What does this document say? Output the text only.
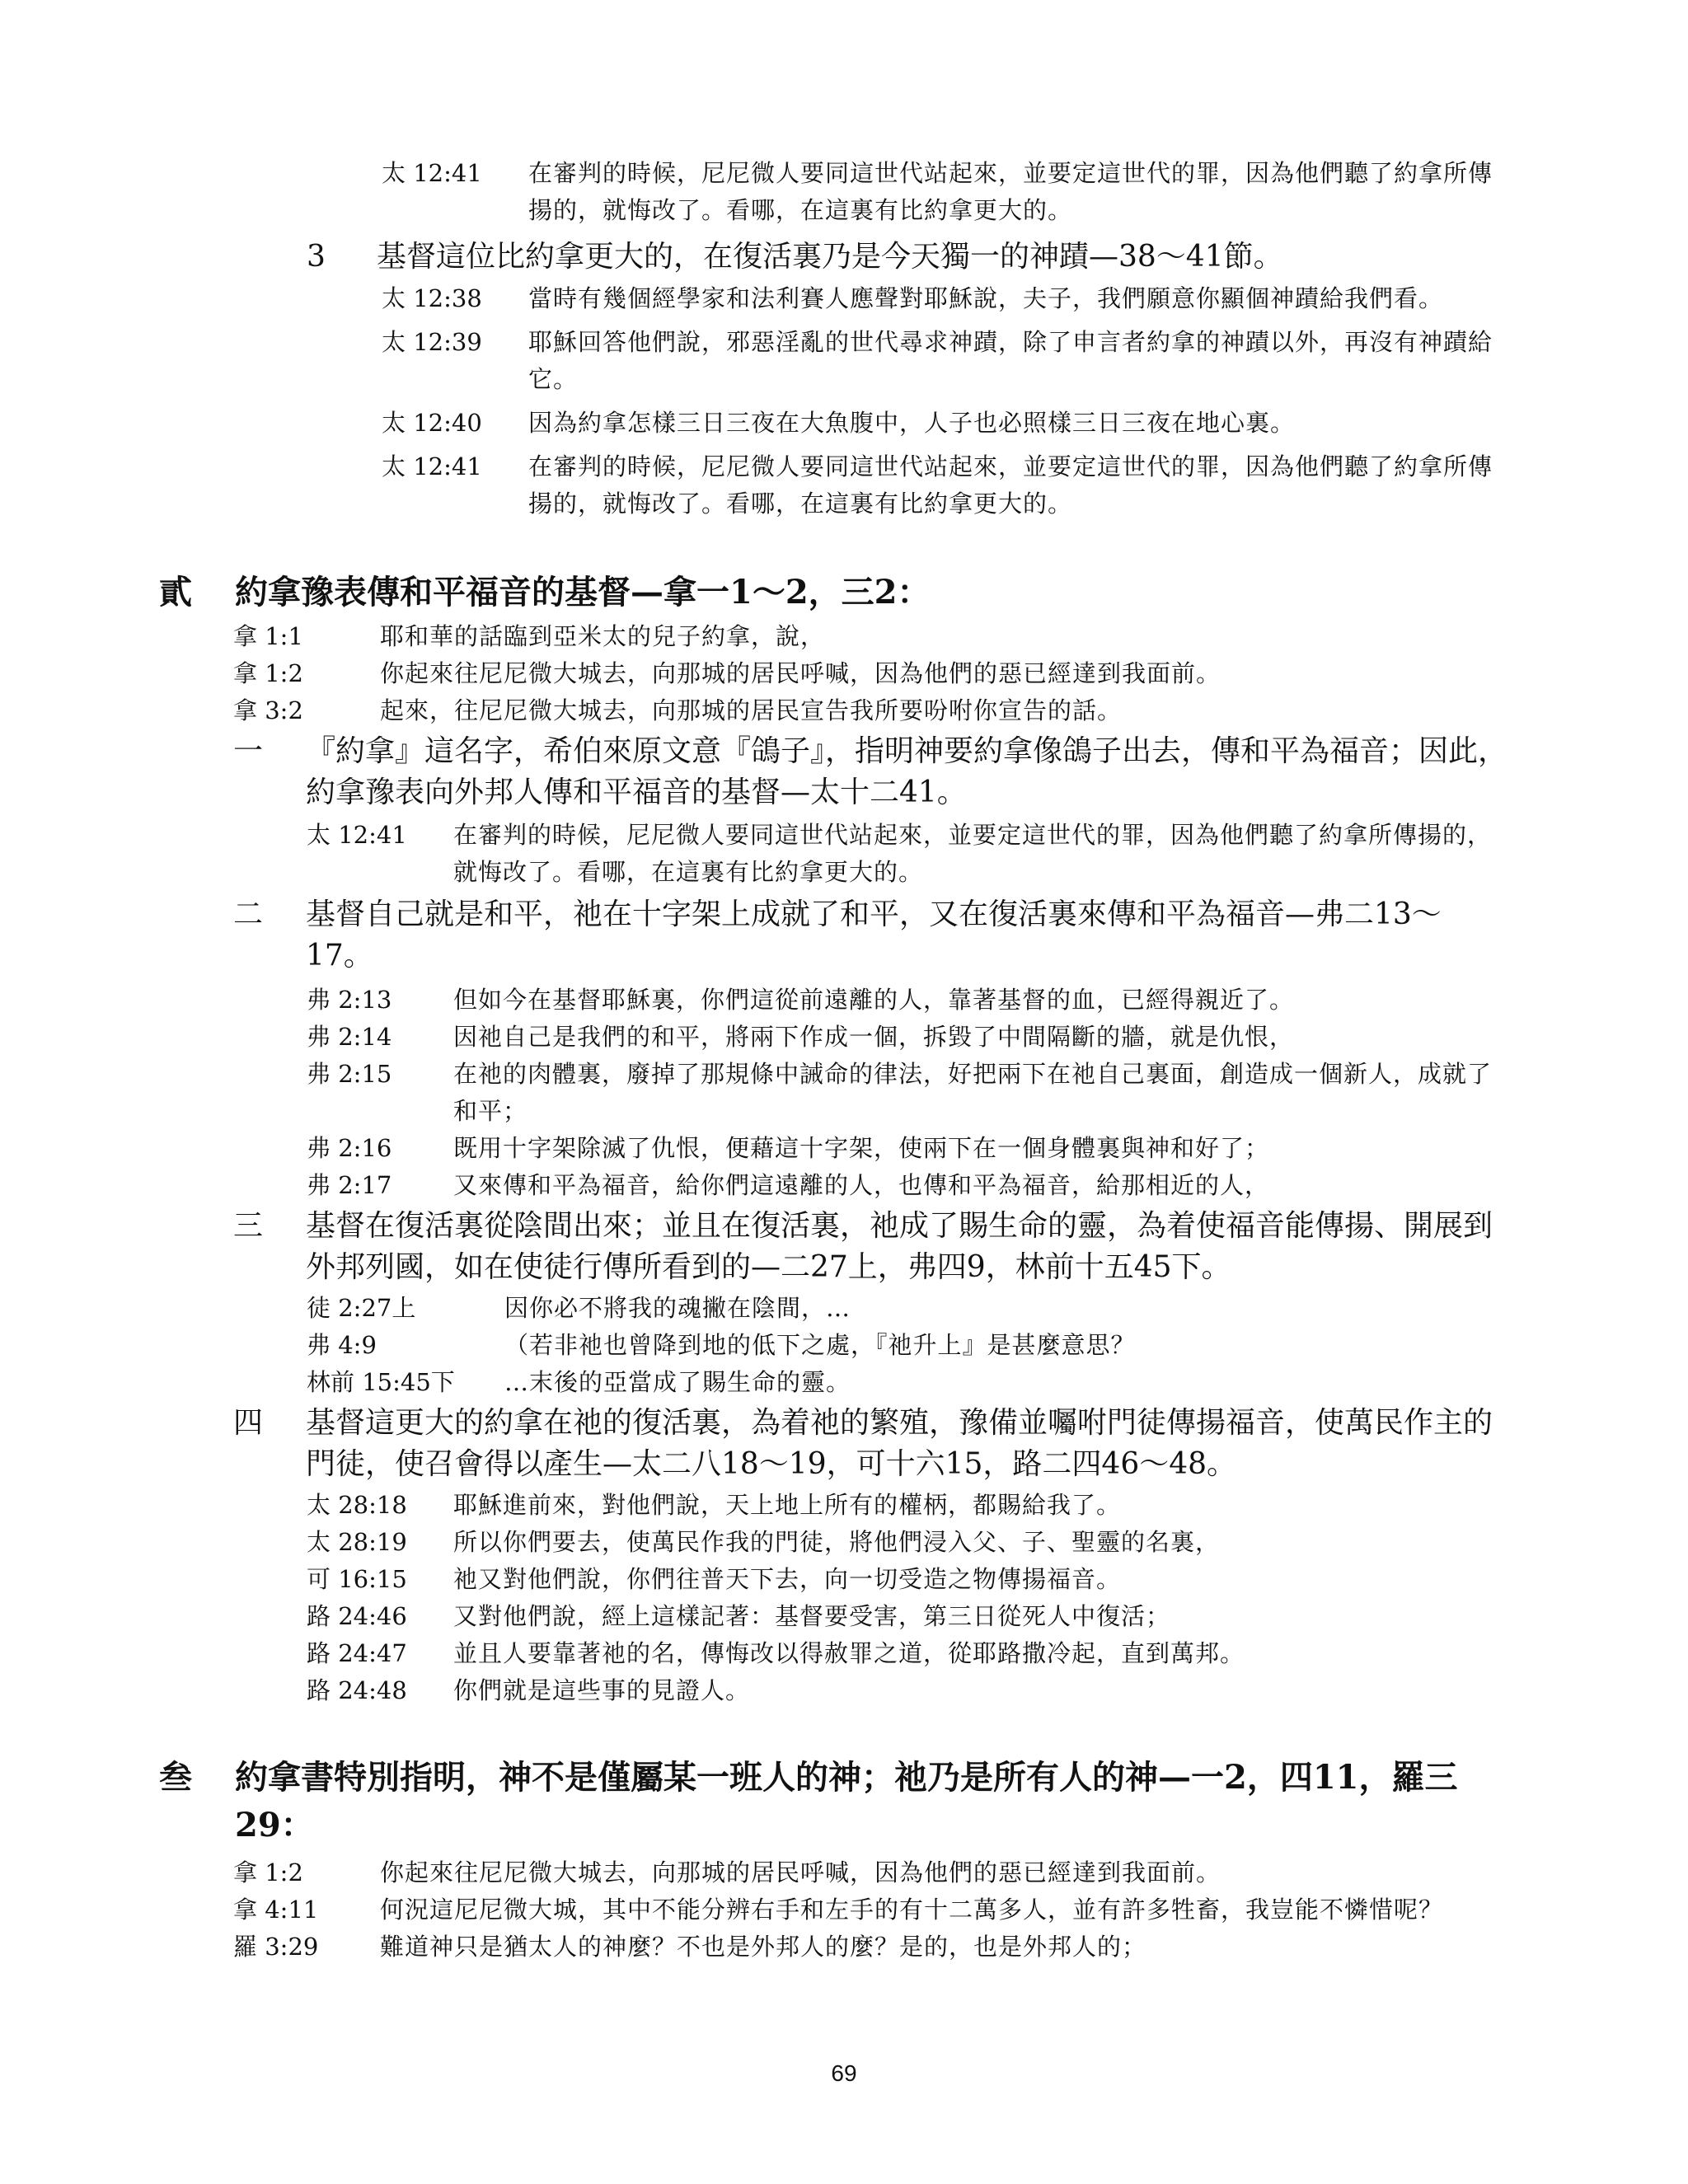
太 12:41	在審判的時候，尼尼微人要同這世代站起來，並要定這世代的罪，因為他們聽了約拿所傳揚的，就悔改了。看哪，在這裏有比約拿更大的。
3	基督這位比約拿更大的，在復活裏乃是今天獨一的神蹟—38～41節。
太 12:38	當時有幾個經學家和法利賽人應聲對耶穌說，夫子，我們願意你顯個神蹟給我們看。
太 12:39	耶穌回答他們說，邪惡淫亂的世代尋求神蹟，除了申言者約拿的神蹟以外，再沒有神蹟給它。
太 12:40	因為約拿怎樣三日三夜在大魚腹中，人子也必照樣三日三夜在地心裏。
太 12:41	在審判的時候，尼尼微人要同這世代站起來，並要定這世代的罪，因為他們聽了約拿所傳揚的，就悔改了。看哪，在這裏有比約拿更大的。
貳	約拿豫表傳和平福音的基督—拿一1～2，三2：
拿 1:1	耶和華的話臨到亞米太的兒子約拿，說，
拿 1:2	你起來往尼尼微大城去，向那城的居民呼喊，因為他們的惡已經達到我面前。
拿 3:2	起來，往尼尼微大城去，向那城的居民宣告我所要吩咐你宣告的話。
一	『約拿』這名字，希伯來原文意『鴿子』，指明神要約拿像鴿子出去，傳和平為福音；因此，約拿豫表向外邦人傳和平福音的基督—太十二41。
太 12:41	在審判的時候，尼尼微人要同這世代站起來，並要定這世代的罪，因為他們聽了約拿所傳揚的，就悔改了。看哪，在這裏有比約拿更大的。
二	基督自己就是和平，祂在十字架上成就了和平，又在復活裏來傳和平為福音—弗二13～17。
弗 2:13	但如今在基督耶穌裏，你們這從前遠離的人，靠著基督的血，已經得親近了。
弗 2:14	因祂自己是我們的和平，將兩下作成一個，拆毀了中間隔斷的牆，就是仇恨，
弗 2:15	在祂的肉體裏，廢掉了那規條中誡命的律法，好把兩下在祂自己裏面，創造成一個新人，成就了和平；
弗 2:16	既用十字架除滅了仇恨，便藉這十字架，使兩下在一個身體裏與神和好了；
弗 2:17	又來傳和平為福音，給你們這遠離的人，也傳和平為福音，給那相近的人，
三	基督在復活裏從陰間出來；並且在復活裏，祂成了賜生命的靈，為着使福音能傳揚、開展到外邦列國，如在使徒行傳所看到的—二27上，弗四9，林前十五45下。
徒 2:27上	因你必不將我的魂撇在陰間，…
弗 4:9	（若非祂也曾降到地的低下之處，『祂升上』是甚麼意思？
林前 15:45下	…末後的亞當成了賜生命的靈。
四	基督這更大的約拿在祂的復活裏，為着祂的繁殖，豫備並囑咐門徒傳揚福音，使萬民作主的門徒，使召會得以產生—太二八18～19，可十六15，路二四46～48。
太 28:18	耶穌進前來，對他們說，天上地上所有的權柄，都賜給我了。
太 28:19	所以你們要去，使萬民作我的門徒，將他們浸入父、子、聖靈的名裏，
可 16:15	祂又對他們說，你們往普天下去，向一切受造之物傳揚福音。
路 24:46	又對他們說，經上這樣記著：基督要受害，第三日從死人中復活；
路 24:47	並且人要靠著祂的名，傳悔改以得赦罪之道，從耶路撒冷起，直到萬邦。
路 24:48	你們就是這些事的見證人。
叁	約拿書特別指明，神不是僅屬某一班人的神；祂乃是所有人的神—一2，四11，羅三29：
拿 1:2	你起來往尼尼微大城去，向那城的居民呼喊，因為他們的惡已經達到我面前。
拿 4:11	何況這尼尼微大城，其中不能分辨右手和左手的有十二萬多人，並有許多牲畜，我豈能不憐惜呢？
羅 3:29	難道神只是猶太人的神麼？不也是外邦人的麼？是的，也是外邦人的；
69
